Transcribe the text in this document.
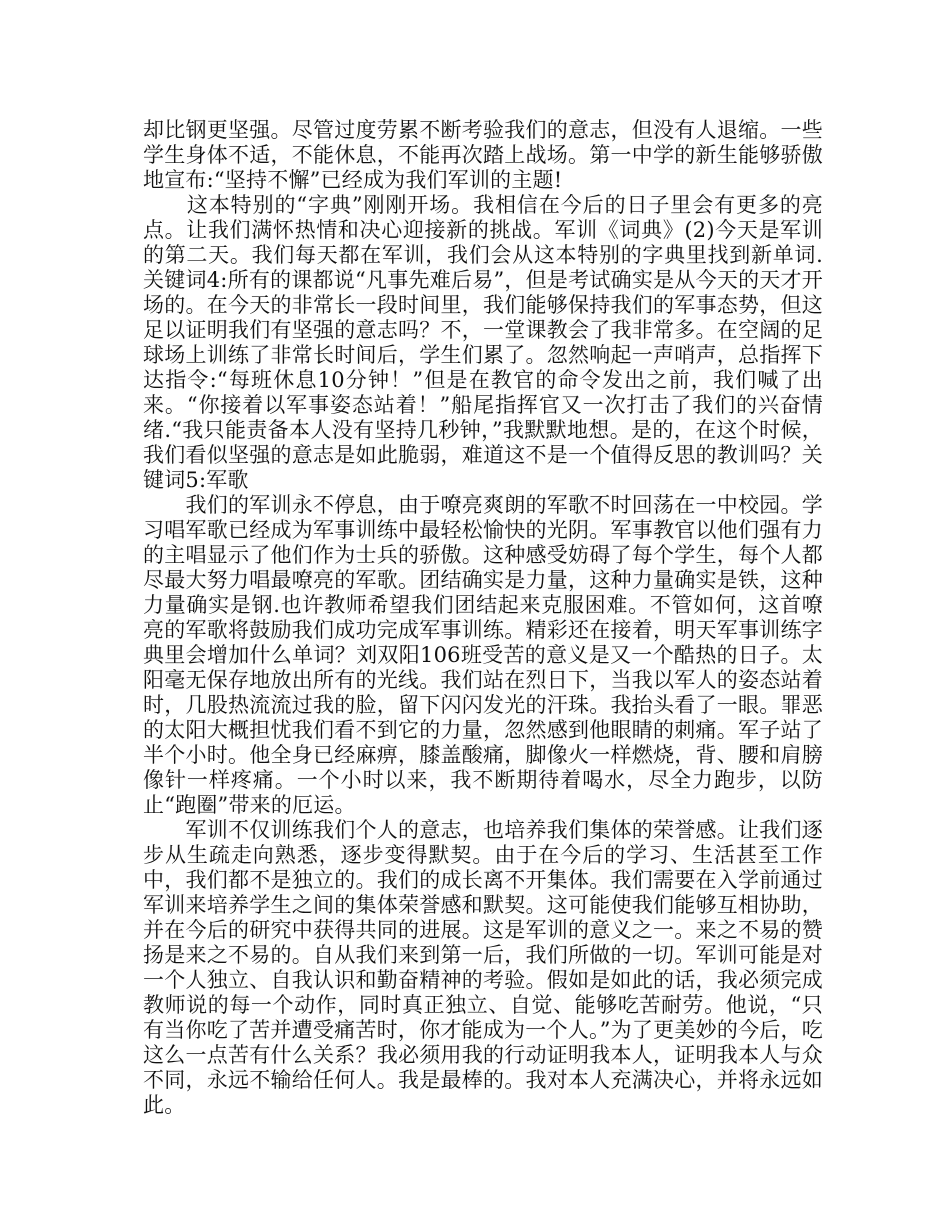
却比钢更坚强。尽管过度劳累不断考验我们的意志，但没有人退缩。一些学生身体不适，不能休息，不能再次踏上战场。第一中学的新生能够骄傲地宣布:“坚持不懈”已经成为我们军训的主题!

　　这本特别的“字典”刚刚开场。我相信在今后的日子里会有更多的亮点。让我们满怀热情和决心迎接新的挑战。军训《词典》(2)今天是军训的第二天。我们每天都在军训，我们会从这本特别的字典里找到新单词.关键词4:所有的课都说“凡事先难后易”，但是考试确实是从今天的天才开场的。在今天的非常长一段时间里，我们能够保持我们的军事态势，但这足以证明我们有坚强的意志吗？不，一堂课教会了我非常多。在空阔的足球场上训练了非常长时间后，学生们累了。忽然响起一声哨声，总指挥下达指令:“每班休息10分钟！”但是在教官的命令发出之前，我们喊了出来。“你接着以军事姿态站着！”船尾指挥官又一次打击了我们的兴奋情绪.“我只能责备本人没有坚持几秒钟，”我默默地想。是的，在这个时候，我们看似坚强的意志是如此脆弱，难道这不是一个值得反思的教训吗？关键词5:军歌

　　我们的军训永不停息，由于嘹亮爽朗的军歌不时回荡在一中校园。学习唱军歌已经成为军事训练中最轻松愉快的光阴。军事教官以他们强有力的主唱显示了他们作为士兵的骄傲。这种感受妨碍了每个学生，每个人都尽最大努力唱最嘹亮的军歌。团结确实是力量，这种力量确实是铁，这种力量确实是钢.也许教师希望我们团结起来克服困难。不管如何，这首嘹亮的军歌将鼓励我们成功完成军事训练。精彩还在接着，明天军事训练字典里会增加什么单词？刘双阳106班受苦的意义是又一个酷热的日子。太阳毫无保存地放出所有的光线。我们站在烈日下，当我以军人的姿态站着时，几股热流流过我的脸，留下闪闪发光的汗珠。我抬头看了一眼。罪恶的太阳大概担忧我们看不到它的力量，忽然感到他眼睛的刺痛。军子站了半个小时。他全身已经麻痹，膝盖酸痛，脚像火一样燃烧，背、腰和肩膀像针一样疼痛。一个小时以来，我不断期待着喝水，尽全力跑步，以防止“跑圈”带来的厄运。

　　军训不仅训练我们个人的意志，也培养我们集体的荣誉感。让我们逐步从生疏走向熟悉，逐步变得默契。由于在今后的学习、生活甚至工作中，我们都不是独立的。我们的成长离不开集体。我们需要在入学前通过军训来培养学生之间的集体荣誉感和默契。这可能使我们能够互相协助，并在今后的研究中获得共同的进展。这是军训的意义之一。来之不易的赞扬是来之不易的。自从我们来到第一后，我们所做的一切。军训可能是对一个人独立、自我认识和勤奋精神的考验。假如是如此的话，我必须完成教师说的每一个动作，同时真正独立、自觉、能够吃苦耐劳。他说，“只有当你吃了苦并遭受痛苦时，你才能成为一个人。”为了更美妙的今后，吃这么一点苦有什么关系？我必须用我的行动证明我本人，证明我本人与众不同，永远不输给任何人。我是最棒的。我对本人充满决心，并将永远如此。
